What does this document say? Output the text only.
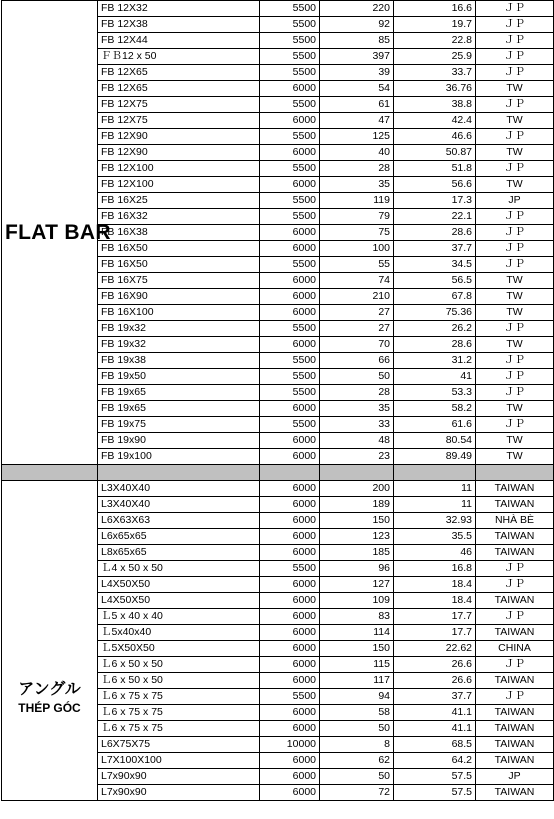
FLAT BAR	FB 12X32	5500	220	16.6	ＪＰ
	FB 12X38	5500	92	19.7	ＪＰ
	FB 12X44	5500	85	22.8	ＪＰ
	ＦＢ12 x 50	5500	397	25.9	ＪＰ
	FB 12X65	5500	39	33.7	ＪＰ
	FB 12X65	6000	54	36.76	TW
	FB 12X75	5500	61	38.8	ＪＰ
	FB 12X75	6000	47	42.4	TW
	FB 12X90	5500	125	46.6	ＪＰ
	FB 12X90	6000	40	50.87	TW
	FB 12X100	5500	28	51.8	ＪＰ
	FB 12X100	6000	35	56.6	TW
	FB 16X25	5500	119	17.3	JP
	FB 16X32	5500	79	22.1	ＪＰ
	FB 16X38	6000	75	28.6	ＪＰ
	FB 16X50	6000	100	37.7	ＪＰ
	FB 16X50	5500	55	34.5	ＪＰ
	FB 16X75	6000	74	56.5	TW
	FB 16X90	6000	210	67.8	TW
	FB 16X100	6000	27	75.36	TW
	FB 19x32	5500	27	26.2	ＪＰ
	FB 19x32	6000	70	28.6	TW
	FB 19x38	5500	66	31.2	ＪＰ
	FB 19x50	5500	50	41	ＪＰ
	FB 19x65	5500	28	53.3	ＪＰ
	FB 19x65	6000	35	58.2	TW
	FB 19x75	5500	33	61.6	ＪＰ
	FB 19x90	6000	48	80.54	TW
	FB 19x100	6000	23	89.49	TW

アングル
THÉP GÓC	L3X40X40	6000	200	11	TAIWAN
	L3X40X40	6000	189	11	TAIWAN
	L6X63X63	6000	150	32.93	NHÀ BÈ
	L6x65x65	6000	123	35.5	TAIWAN
	L8x65x65	6000	185	46	TAIWAN
	Ｌ4 x 50 x 50	5500	96	16.8	ＪＰ
	L4X50X50	6000	127	18.4	ＪＰ
	L4X50X50	6000	109	18.4	TAIWAN
	Ｌ5 x 40 x 40	6000	83	17.7	ＪＰ
	Ｌ5x40x40	6000	114	17.7	TAIWAN
	Ｌ5X50X50	6000	150	22.62	CHINA
	Ｌ6 x 50 x 50	6000	115	26.6	ＪＰ
	Ｌ6 x 50 x 50	6000	117	26.6	TAIWAN
	Ｌ6 x 75 x 75	5500	94	37.7	ＪＰ
	Ｌ6 x 75 x 75	6000	58	41.1	TAIWAN
	Ｌ6 x 75 x 75	6000	50	41.1	TAIWAN
	L6X75X75	10000	8	68.5	TAIWAN
	L7X100X100	6000	62	64.2	TAIWAN
	L7x90x90	6000	50	57.5	JP
	L7x90x90	6000	72	57.5	TAIWAN
